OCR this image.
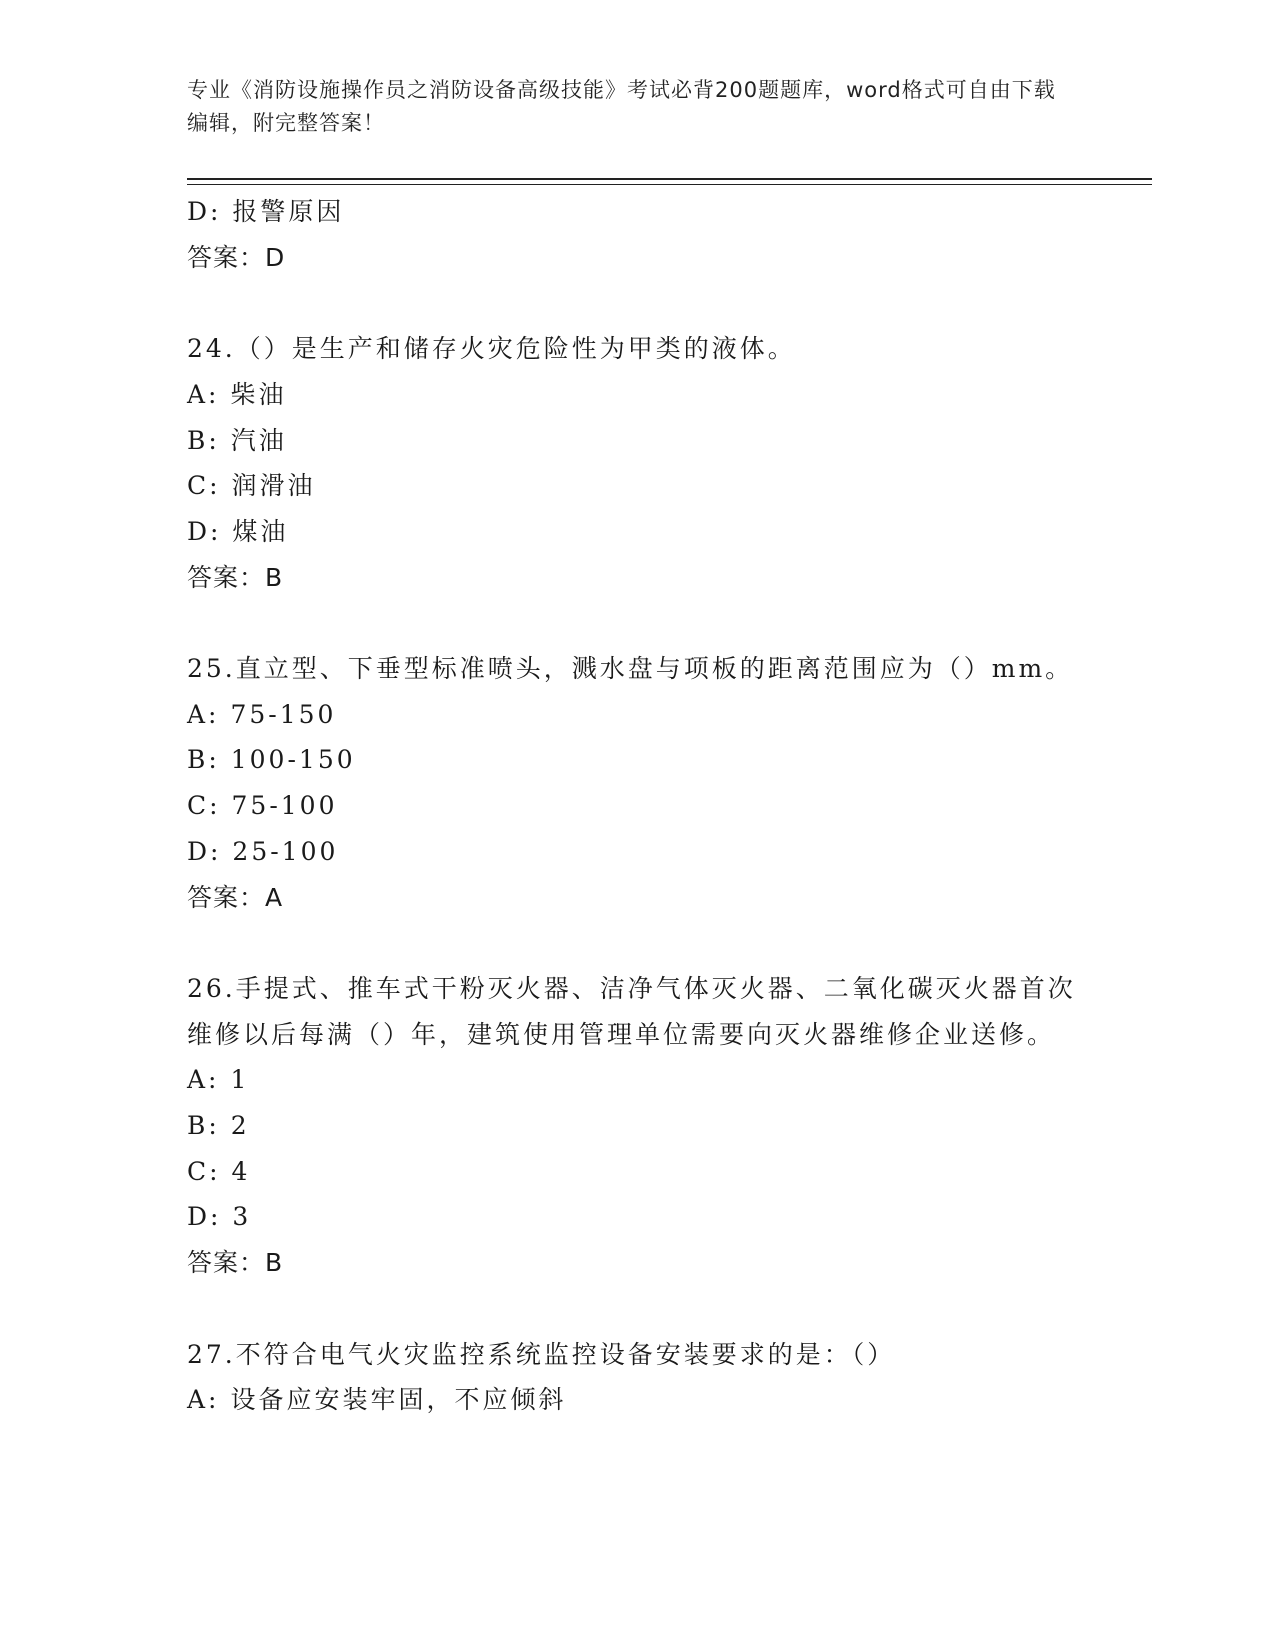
专业《消防设施操作员之消防设备高级技能》考试必背200题题库，word格式可自由下载编辑，附完整答案！
D: 报警原因
答案：D
24.（）是生产和储存火灾危险性为甲类的液体。
A: 柴油
B: 汽油
C: 润滑油
D: 煤油
答案：B
25.直立型、下垂型标准喷头，溅水盘与项板的距离范围应为（）mm。
A: 75-150
B: 100-150
C: 75-100
D: 25-100
答案：A
26.手提式、推车式干粉灭火器、洁净气体灭火器、二氧化碳灭火器首次维修以后每满（）年，建筑使用管理单位需要向灭火器维修企业送修。
A: 1
B: 2
C: 4
D: 3
答案：B
27.不符合电气火灾监控系统监控设备安装要求的是：（）
A: 设备应安装牢固，不应倾斜
